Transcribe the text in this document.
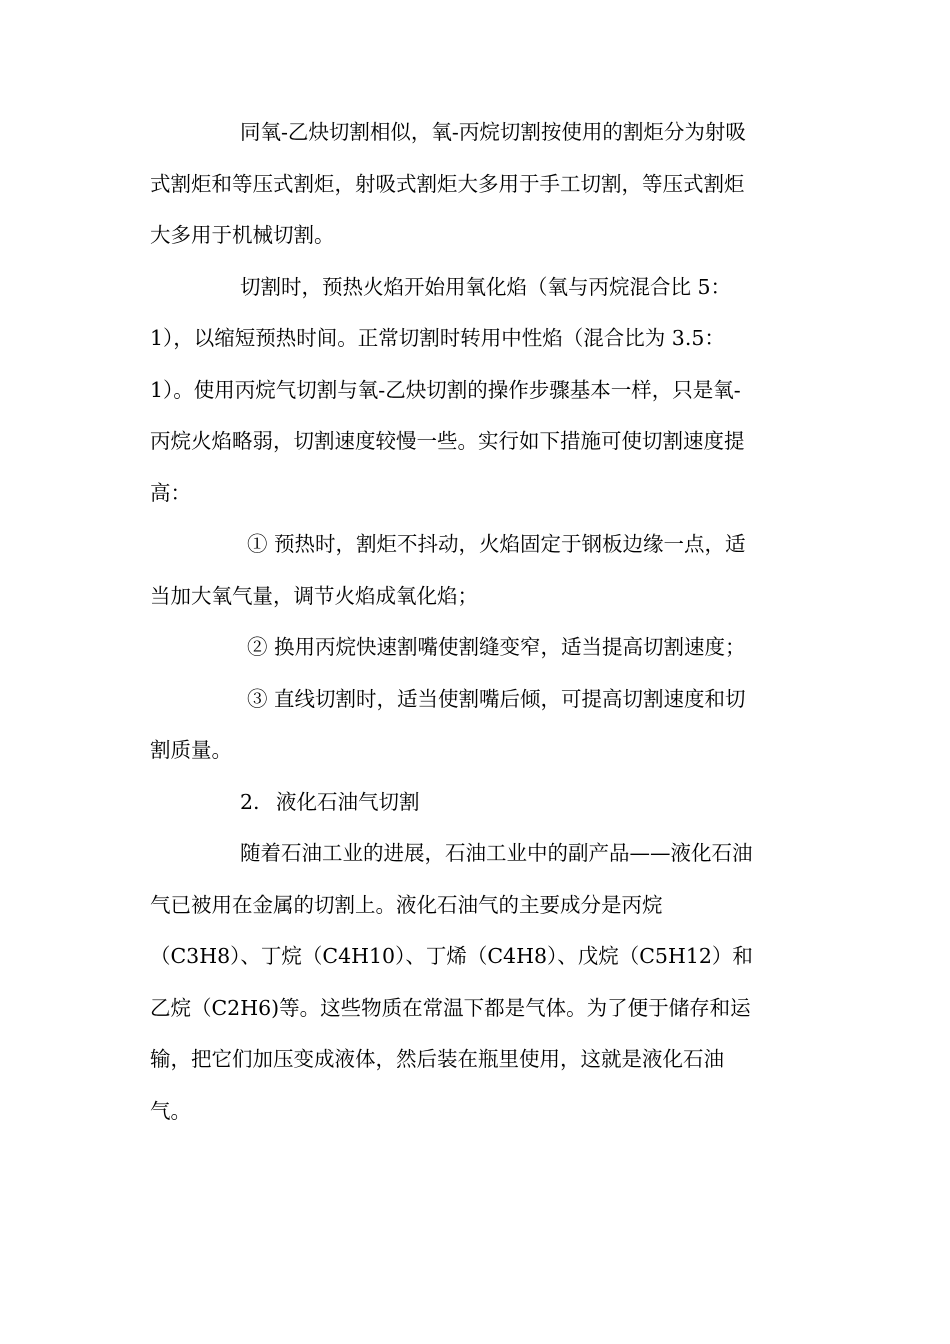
同氧-乙炔切割相似，氧-丙烷切割按使用的割炬分为射吸
式割炬和等压式割炬，射吸式割炬大多用于手工切割，等压式割炬
大多用于机械切割。
切割时，预热火焰开始用氧化焰（氧与丙烷混合比 5：
1），以缩短预热时间。正常切割时转用中性焰（混合比为 3.5：
1）。使用丙烷气切割与氧-乙炔切割的操作步骤基本一样，只是氧-
丙烷火焰略弱，切割速度较慢一些。实行如下措施可使切割速度提
高：
① 预热时，割炬不抖动，火焰固定于钢板边缘一点，适
当加大氧气量，调节火焰成氧化焰；
② 换用丙烷快速割嘴使割缝变窄，适当提高切割速度；
③ 直线切割时，适当使割嘴后倾，可提高切割速度和切
割质量。
2. 液化石油气切割
随着石油工业的进展，石油工业中的副产品——液化石油
气已被用在金属的切割上。液化石油气的主要成分是丙烷
（C3H8）、丁烷（C4H10）、丁烯（C4H8）、戊烷（C5H12）和
乙烷（C2H6)等。这些物质在常温下都是气体。为了便于储存和运
输，把它们加压变成液体，然后装在瓶里使用，这就是液化石油
气。
